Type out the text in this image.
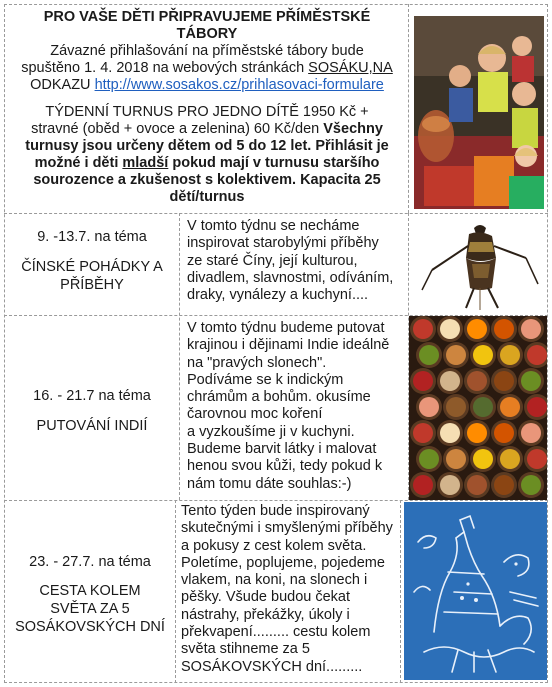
PRO VAŠE DĚTI PŘIPRAVUJEME PŘÍMĚSTSKÉ
TÁBORY
Závazné přihlašování na příměstské tábory bude
spuštěno 1. 4. 2018 na webových stránkách SOSÁKU,NA
ODKAZU http://www.sosakos.cz/prihlasovaci-formulare
TÝDENNÍ TURNUS PRO JEDNO DÍTĚ 1950 Kč +
stravné (oběd + ovoce a zelenina) 60 Kč/den Všechny
turnusy jsou určeny dětem od 5 do 12 let. Přihlásit je
možné i děti mladší pokud mají v turnusu staršího
sourozence a zkušenost s kolektivem. Kapacita 25
dětí/turnus
9. -13.7. na téma
ČÍNSKÉ POHÁDKY A
PŘÍBĚHY
V tomto týdnu se necháme
inspirovat starobylými příběhy
ze staré Číny, její kulturou,
divadlem, slavnostmi, odíváním,
draky, vynálezy a kuchyní....
16. - 21.7 na téma
PUTOVÁNÍ INDIÍ
V tomto týdnu budeme putovat
krajinou i dějinami Indie ideálně
na "pravých slonech".
Podíváme se k indickým
chrámům a bohům. okusíme
čarovnou moc koření
a vyzkoušíme ji v kuchyni.
Budeme barvit látky i malovat
henou svou kůži, tedy pokud k
nám tomu dáte souhlas:-)
23. - 27.7. na téma
CESTA KOLEM
SVĚTA ZA 5
SOSÁKOVSKÝCH DNÍ
Tento týden bude inspirovaný
skutečnými i smyšlenými příběhy
a pokusy z cest kolem světa.
Poletíme, poplujeme, pojedeme
vlakem, na koni, na slonech i
pěšky. Všude budou čekat
nástrahy, překážky, úkoly i
překvapení......... cestu kolem
světa stihneme za 5
SOSÁKOVSKÝCH dní.........
